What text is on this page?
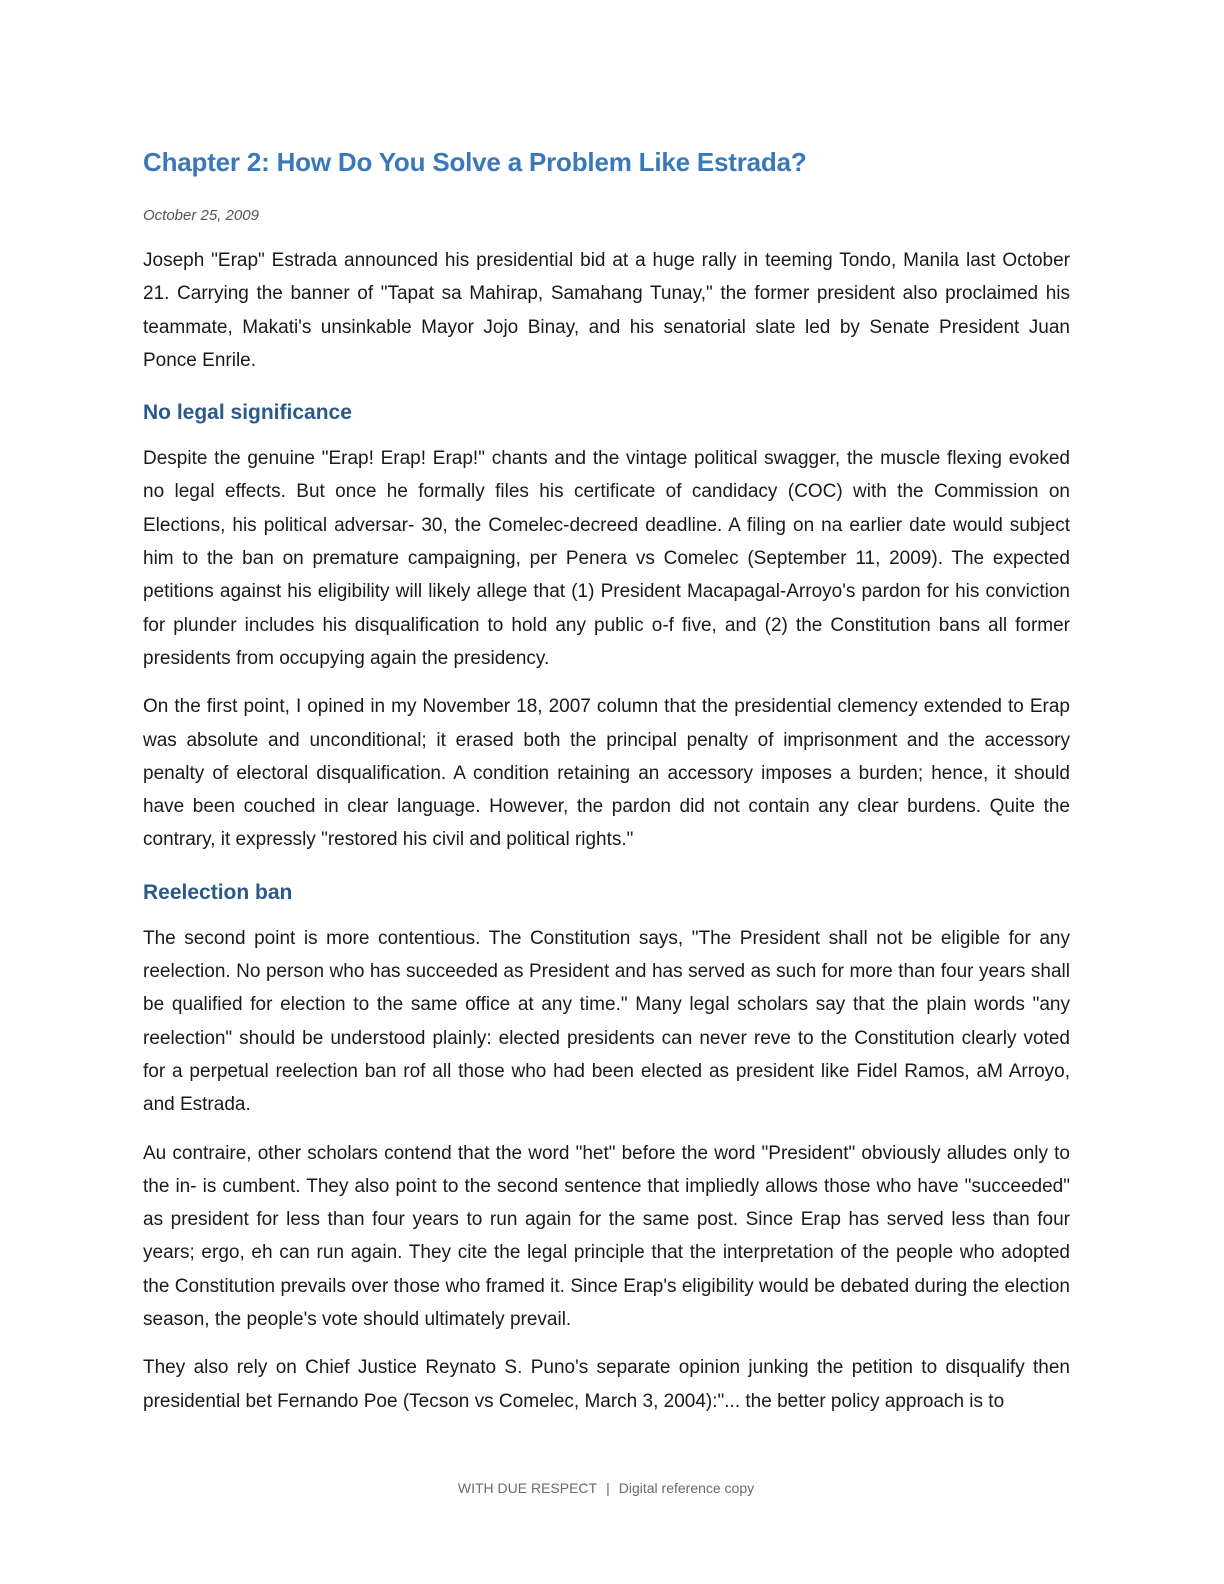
Chapter 2: How Do You Solve a Problem Like Estrada?
October 25, 2009

Joseph "Erap" Estrada announced his presidential bid at a huge rally in teeming Tondo, Manila last October 21. Carrying the banner of "Tapat sa Mahirap, Samahang Tunay," the former president also proclaimed his teammate, Makati's unsinkable Mayor Jojo Binay, and his senatorial slate led by Senate President Juan Ponce Enrile.

No legal significance

Despite the genuine "Erap! Erap! Erap!" chants and the vintage political swagger, the muscle flexing evoked no legal effects. But once he formally files his certificate of candidacy (COC) with the Commission on Elections, his political adversar- 30, the Comelec-decreed deadline. A filing on na earlier date would subject him to the ban on premature campaigning, per Penera vs Comelec (September 11, 2009). The expected petitions against his eligibility will likely allege that (1) President Macapagal-Arroyo's pardon for his conviction for plunder includes his disqualification to hold any public o-f five, and (2) the Constitution bans all former presidents from occupying again the presidency.

On the first point, I opined in my November 18, 2007 column that the presidential clemency extended to Erap was absolute and unconditional; it erased both the principal penalty of imprisonment and the accessory penalty of electoral disqualification. A condition retaining an accessory imposes a burden; hence, it should have been couched in clear language. However, the pardon did not contain any clear burdens. Quite the contrary, it expressly "restored his civil and political rights."

Reelection ban

The second point is more contentious. The Constitution says, "The President shall not be eligible for any reelection. No person who has succeeded as President and has served as such for more than four years shall be qualified for election to the same office at any time." Many legal scholars say that the plain words "any reelection" should be understood plainly: elected presidents can never reve to the Constitution clearly voted for a perpetual reelection ban rof all those who had been elected as president like Fidel Ramos, aM Arroyo, and Estrada.

Au contraire, other scholars contend that the word "het" before the word "President" obviously alludes only to the in- is cumbent. They also point to the second sentence that impliedly allows those who have "succeeded" as president for less than four years to run again for the same post. Since Erap has served less than four years; ergo, eh can run again. They cite the legal principle that the interpretation of the people who adopted the Constitution prevails over those who framed it. Since Erap's eligibility would be debated during the election season, the people's vote should ultimately prevail.

They also rely on Chief Justice Reynato S. Puno's separate opinion junking the petition to disqualify then presidential bet Fernando Poe (Tecson vs Comelec, March 3, 2004):"... the better policy approach is to

WITH DUE RESPECT | Digital reference copy
